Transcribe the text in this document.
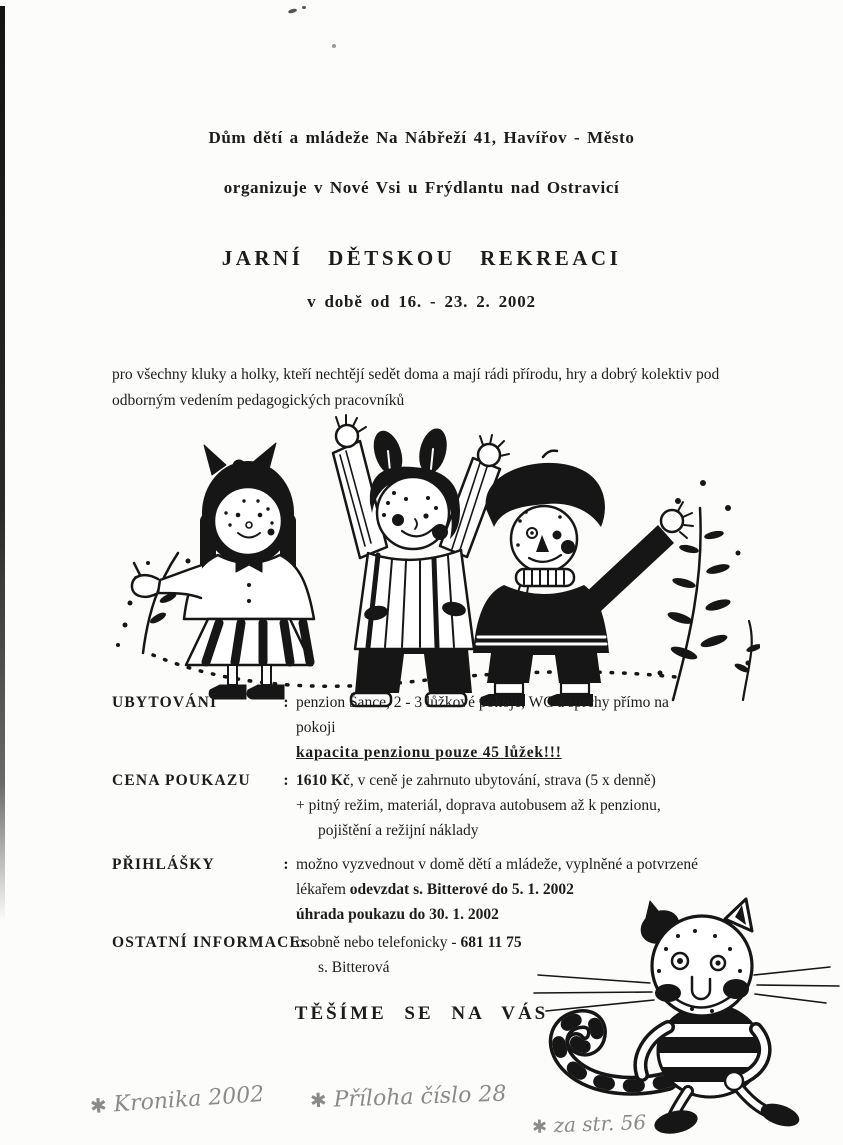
Dům dětí a mládeže Na Nábřeží 41, Havířov - Město
organizuje v Nové Vsi u Frýdlantu nad Ostravicí
JARNÍ DĚTSKOU REKREACI
v době od 16. - 23. 2. 2002
pro všechny kluky a holky, kteří nechtějí sedět doma a mají rádi přírodu, hry a dobrý kolektiv pod odborným vedením pedagogických pracovníků
UBYTOVÁNÍ	: penzion Šance, 2 - 3 lůžkové pokoje, WC a sprchy přímo na
pokoji
kapacita penzionu pouze 45 lůžek!!!
CENA POUKAZU	: 1610 Kč, v ceně je zahrnuto ubytování, strava (5 x denně)
+ pitný režim, materiál, doprava autobusem až k penzionu,
pojištění a režijní náklady
PŘIHLÁŠKY	: možno vyzvednout v domě dětí a mládeže, vyplněné a potvrzené
lékařem odevzdat s. Bitterové do 5. 1. 2002
úhrada poukazu do 30. 1. 2002
OSTATNÍ INFORMACE:
osobně nebo telefonicky - 681 11 75
s. Bitterová
TĚŠÍME SE NA VÁS
✱ Kronika 2002 ✱ Příloha číslo 28
✱ za str. 56
